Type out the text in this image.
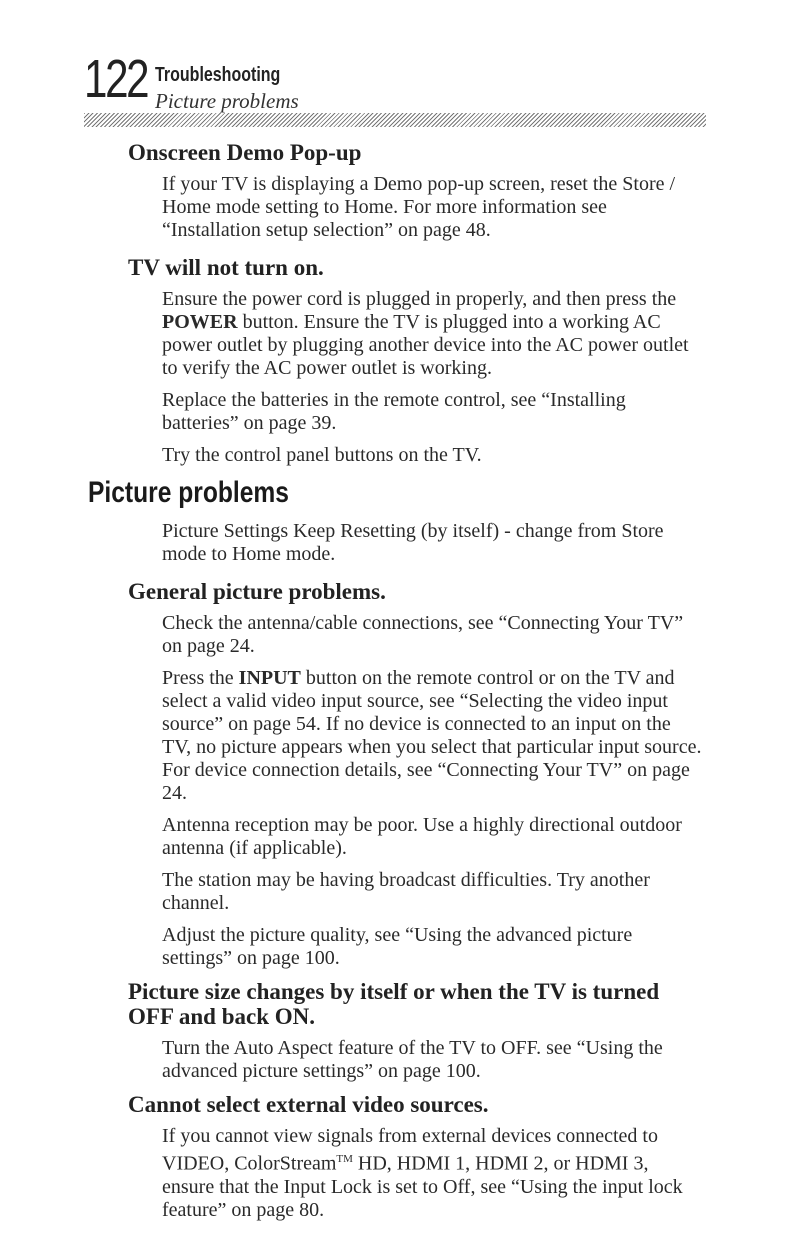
122 Troubleshooting
Picture problems
Onscreen Demo Pop-up

If your TV is displaying a Demo pop-up screen, reset the Store / Home mode setting to Home. For more information see “Installation setup selection” on page 48.

TV will not turn on.

Ensure the power cord is plugged in properly, and then press the POWER button. Ensure the TV is plugged into a working AC power outlet by plugging another device into the AC power outlet to verify the AC power outlet is working.

Replace the batteries in the remote control, see “Installing batteries” on page 39.

Try the control panel buttons on the TV.

Picture problems

Picture Settings Keep Resetting (by itself) - change from Store mode to Home mode.

General picture problems.

Check the antenna/cable connections, see “Connecting Your TV” on page 24.

Press the INPUT button on the remote control or on the TV and select a valid video input source, see “Selecting the video input source” on page 54. If no device is connected to an input on the TV, no picture appears when you select that particular input source. For device connection details, see “Connecting Your TV” on page 24.

Antenna reception may be poor. Use a highly directional outdoor antenna (if applicable).

The station may be having broadcast difficulties. Try another channel.

Adjust the picture quality, see “Using the advanced picture settings” on page 100.

Picture size changes by itself or when the TV is turned OFF and back ON.

Turn the Auto Aspect feature of the TV to OFF. see “Using the advanced picture settings” on page 100.

Cannot select external video sources.

If you cannot view signals from external devices connected to VIDEO, ColorStream™ HD, HDMI 1, HDMI 2, or HDMI 3, ensure that the Input Lock is set to Off, see “Using the input lock feature” on page 80.
